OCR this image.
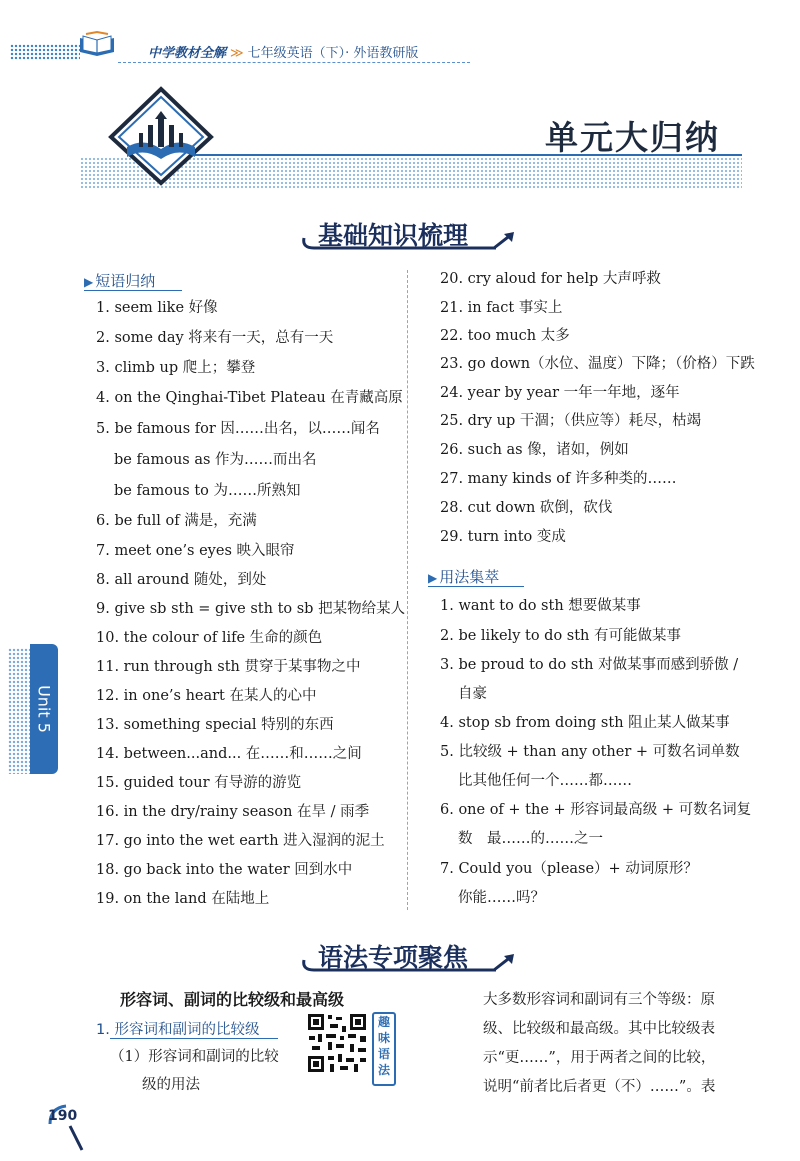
中学教材全解 ≫ 七年级英语（下）· 外语教研版
单元大归纳
基础知识梳理
▶ 短语归纳
1. seem like 好像
2. some day 将来有一天，总有一天
3. climb up 爬上；攀登
4. on the Qinghai-Tibet Plateau 在青藏高原
5. be famous for 因……出名，以……闻名
be famous as 作为……而出名
be famous to 为……所熟知
6. be full of 满是，充满
7. meet one’s eyes 映入眼帘
8. all around 随处，到处
9. give sb sth = give sth to sb 把某物给某人
10. the colour of life 生命的颜色
11. run through sth 贯穿于某事物之中
12. in one’s heart 在某人的心中
13. something special 特别的东西
14. between...and... 在……和……之间
15. guided tour 有导游的游览
16. in the dry/rainy season 在旱 / 雨季
17. go into the wet earth 进入湿润的泥土
18. go back into the water 回到水中
19. on the land 在陆地上
20. cry aloud for help 大声呼救
21. in fact 事实上
22. too much 太多
23. go down（水位、温度）下降；（价格）下跌
24. year by year 一年一年地，逐年
25. dry up 干涸；（供应等）耗尽，枯竭
26. such as 像，诸如，例如
27. many kinds of 许多种类的……
28. cut down 砍倒，砍伐
29. turn into 变成
▶ 用法集萃
1. want to do sth 想要做某事
2. be likely to do sth 有可能做某事
3. be proud to do sth 对做某事而感到骄傲 /
自豪
4. stop sb from doing sth 阻止某人做某事
5. 比较级 + than any other + 可数名词单数
比其他任何一个……都……
6. one of + the + 形容词最高级 + 可数名词复
数　最……的……之一
7. Could you（please）+ 动词原形？
你能……吗？
Unit 5
语法专项聚焦
形容词、副词的比较级和最高级
1. 形容词和副词的比较级
（1）形容词和副词的比较
级的用法
趣
味
语
法
大多数形容词和副词有三个等级：原
级、比较级和最高级。其中比较级表
示“更……”，用于两者之间的比较，
说明“前者比后者更（不）……”。表
190
